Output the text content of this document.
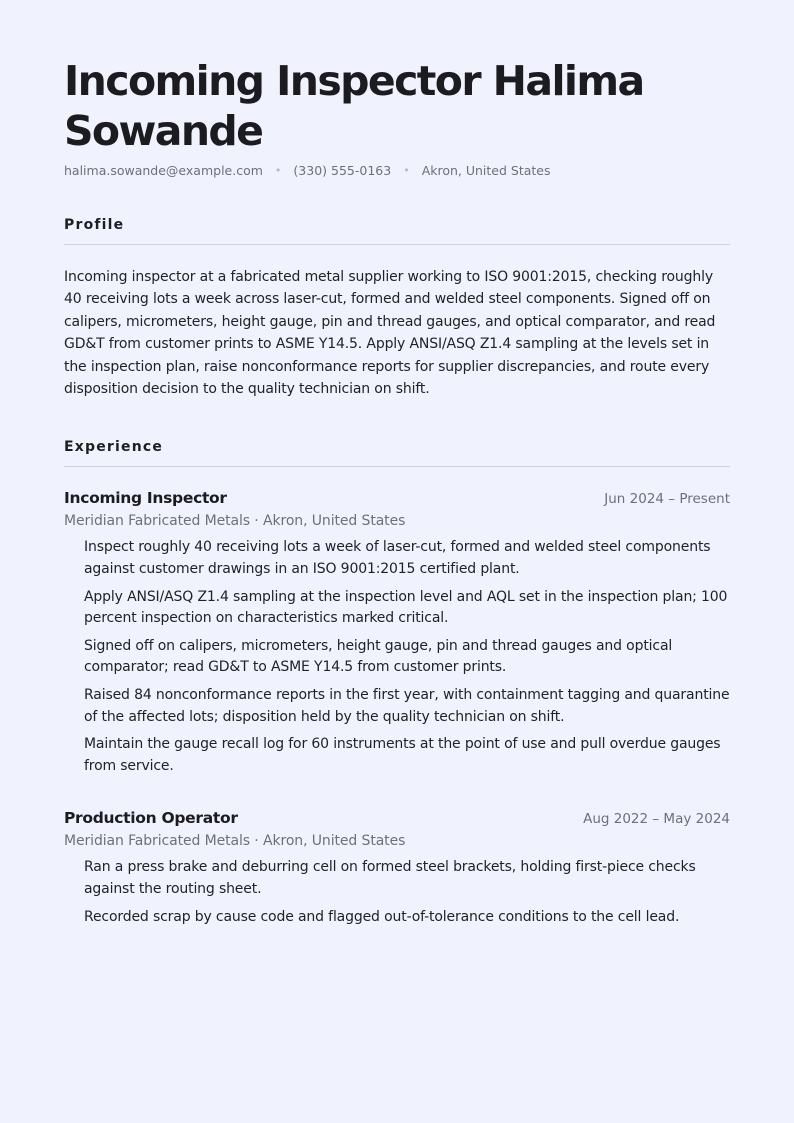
Incoming Inspector Halima Sowande
halima.sowande@example.com • (330) 555-0163 • Akron, United States
Profile

Incoming inspector at a fabricated metal supplier working to ISO 9001:2015, checking roughly 40 receiving lots a week across laser-cut, formed and welded steel components. Signed off on calipers, micrometers, height gauge, pin and thread gauges, and optical comparator, and read GD&T from customer prints to ASME Y14.5. Apply ANSI/ASQ Z1.4 sampling at the levels set in the inspection plan, raise nonconformance reports for supplier discrepancies, and route every disposition decision to the quality technician on shift.

Experience
Incoming Inspector	Jun 2024 – Present
Meridian Fabricated Metals · Akron, United States
Inspect roughly 40 receiving lots a week of laser-cut, formed and welded steel components against customer drawings in an ISO 9001:2015 certified plant.
Apply ANSI/ASQ Z1.4 sampling at the inspection level and AQL set in the inspection plan; 100 percent inspection on characteristics marked critical.
Signed off on calipers, micrometers, height gauge, pin and thread gauges and optical comparator; read GD&T to ASME Y14.5 from customer prints.
Raised 84 nonconformance reports in the first year, with containment tagging and quarantine of the affected lots; disposition held by the quality technician on shift.
Maintain the gauge recall log for 60 instruments at the point of use and pull overdue gauges from service.
Production Operator	Aug 2022 – May 2024
Meridian Fabricated Metals · Akron, United States
Ran a press brake and deburring cell on formed steel brackets, holding first-piece checks against the routing sheet.
Recorded scrap by cause code and flagged out-of-tolerance conditions to the cell lead.
